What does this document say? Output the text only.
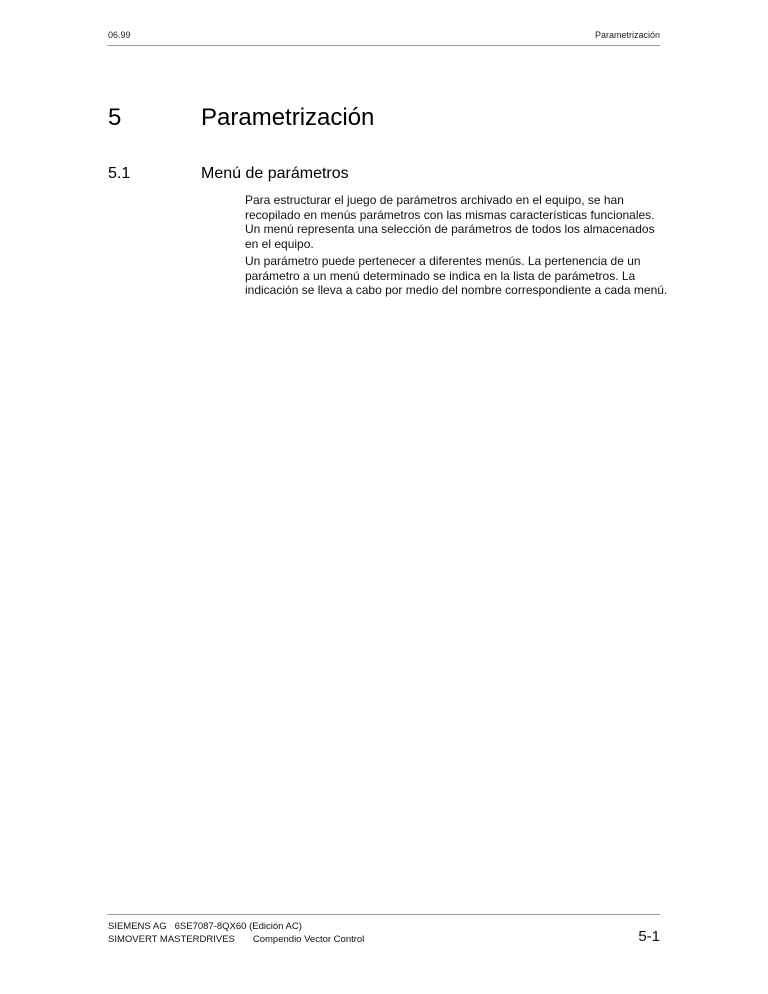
06.99	Parametrización
5	Parametrización
5.1	Menú de parámetros

Para estructurar el juego de parámetros archivado en el equipo, se han recopilado en menús parámetros con las mismas características funcionales. Un menú representa una selección de parámetros de todos los almacenados en el equipo.

Un parámetro puede pertenecer a diferentes menús. La pertenencia de un parámetro a un menú determinado se indica en la lista de parámetros. La indicación se lleva a cabo por medio del nombre correspondiente a cada menú.

SIEMENS AG 6SE7087-8QX60 (Edición AC)
SIMOVERT MASTERDRIVES Compendio Vector Control	5-1
